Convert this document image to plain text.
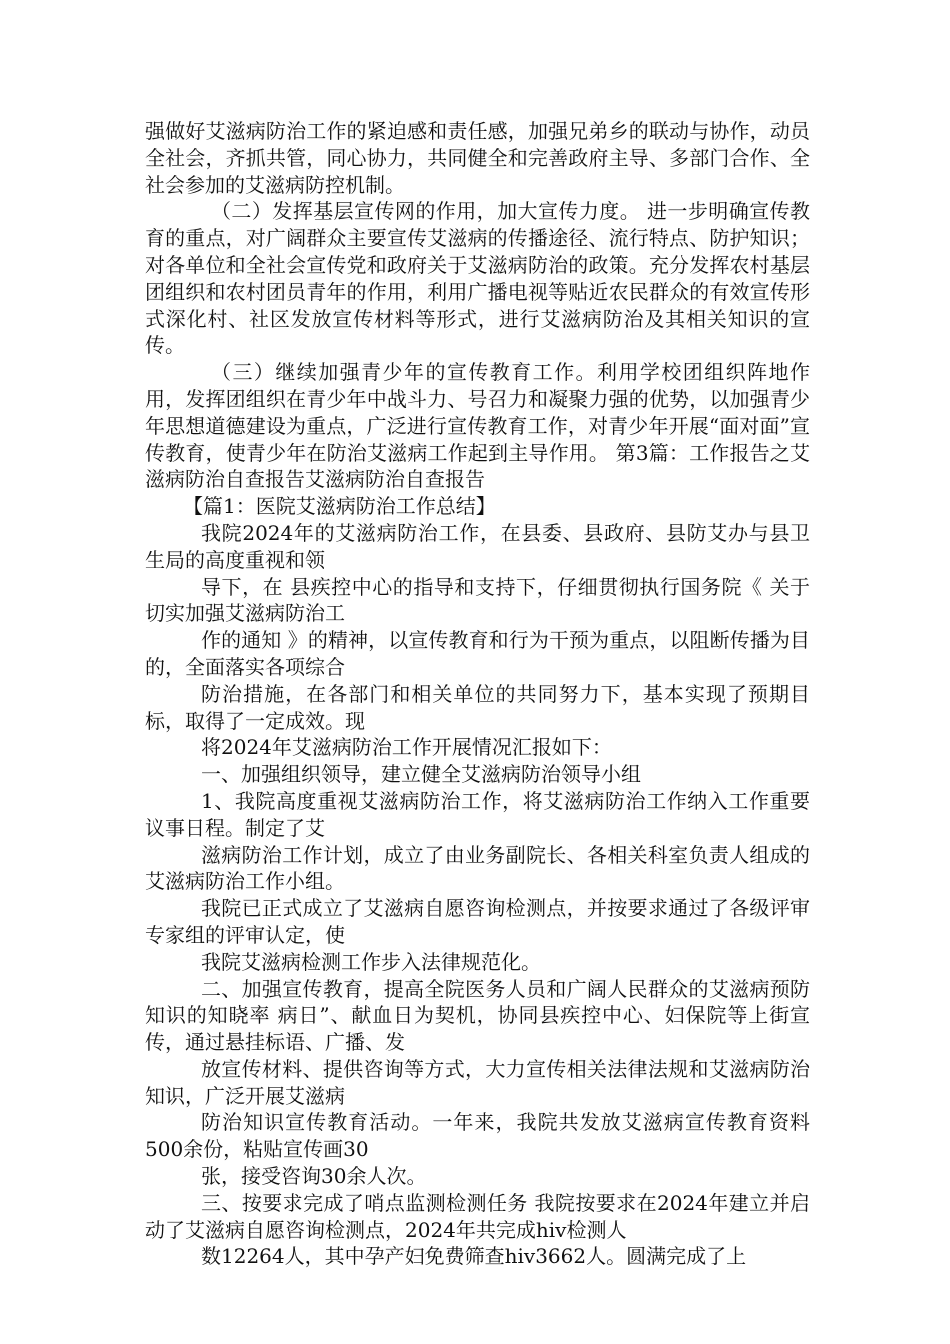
强做好艾滋病防治工作的紧迫感和责任感，加强兄弟乡的联动与协作，动员全社会，齐抓共管，同心协力，共同健全和完善政府主导、多部门合作、全社会参加的艾滋病防控机制。

（二）发挥基层宣传网的作用，加大宣传力度。 进一步明确宣传教育的重点，对广阔群众主要宣传艾滋病的传播途径、流行特点、防护知识；对各单位和全社会宣传党和政府关于艾滋病防治的政策。充分发挥农村基层团组织和农村团员青年的作用，利用广播电视等贴近农民群众的有效宣传形式深化村、社区发放宣传材料等形式，进行艾滋病防治及其相关知识的宣传。

（三）继续加强青少年的宣传教育工作。利用学校团组织阵地作用，发挥团组织在青少年中战斗力、号召力和凝聚力强的优势，以加强青少年思想道德建设为重点，广泛进行宣传教育工作，对青少年开展“面对面”宣传教育，使青少年在防治艾滋病工作起到主导作用。 第3篇：工作报告之艾滋病防治自查报告艾滋病防治自查报告

【篇1：医院艾滋病防治工作总结】

我院2024年的艾滋病防治工作，在县委、县政府、县防艾办与县卫生局的高度重视和领

导下，在 县疾控中心的指导和支持下，仔细贯彻执行国务院《 关于切实加强艾滋病防治工

作的通知 》的精神，以宣传教育和行为干预为重点，以阻断传播为目的，全面落实各项综合

防治措施，在各部门和相关单位的共同努力下，基本实现了预期目标，取得了一定成效。现

将2024年艾滋病防治工作开展情况汇报如下：

一、加强组织领导，建立健全艾滋病防治领导小组

1、我院高度重视艾滋病防治工作，将艾滋病防治工作纳入工作重要议事日程。制定了艾

滋病防治工作计划，成立了由业务副院长、各相关科室负责人组成的艾滋病防治工作小组。

我院已正式成立了艾滋病自愿咨询检测点，并按要求通过了各级评审专家组的评审认定，使

我院艾滋病检测工作步入法律规范化。

二、加强宣传教育，提高全院医务人员和广阔人民群众的艾滋病预防知识的知晓率 病日”、献血日为契机，协同县疾控中心、妇保院等上街宣传，通过悬挂标语、广播、发

放宣传材料、提供咨询等方式，大力宣传相关法律法规和艾滋病防治知识，广泛开展艾滋病

防治知识宣传教育活动。一年来，我院共发放艾滋病宣传教育资料500余份，粘贴宣传画30

张，接受咨询30余人次。

三、按要求完成了哨点监测检测任务 我院按要求在2024年建立并启动了艾滋病自愿咨询检测点，2024年共完成hiv检测人

数12264人，其中孕产妇免费筛查hiv3662人。圆满完成了上
